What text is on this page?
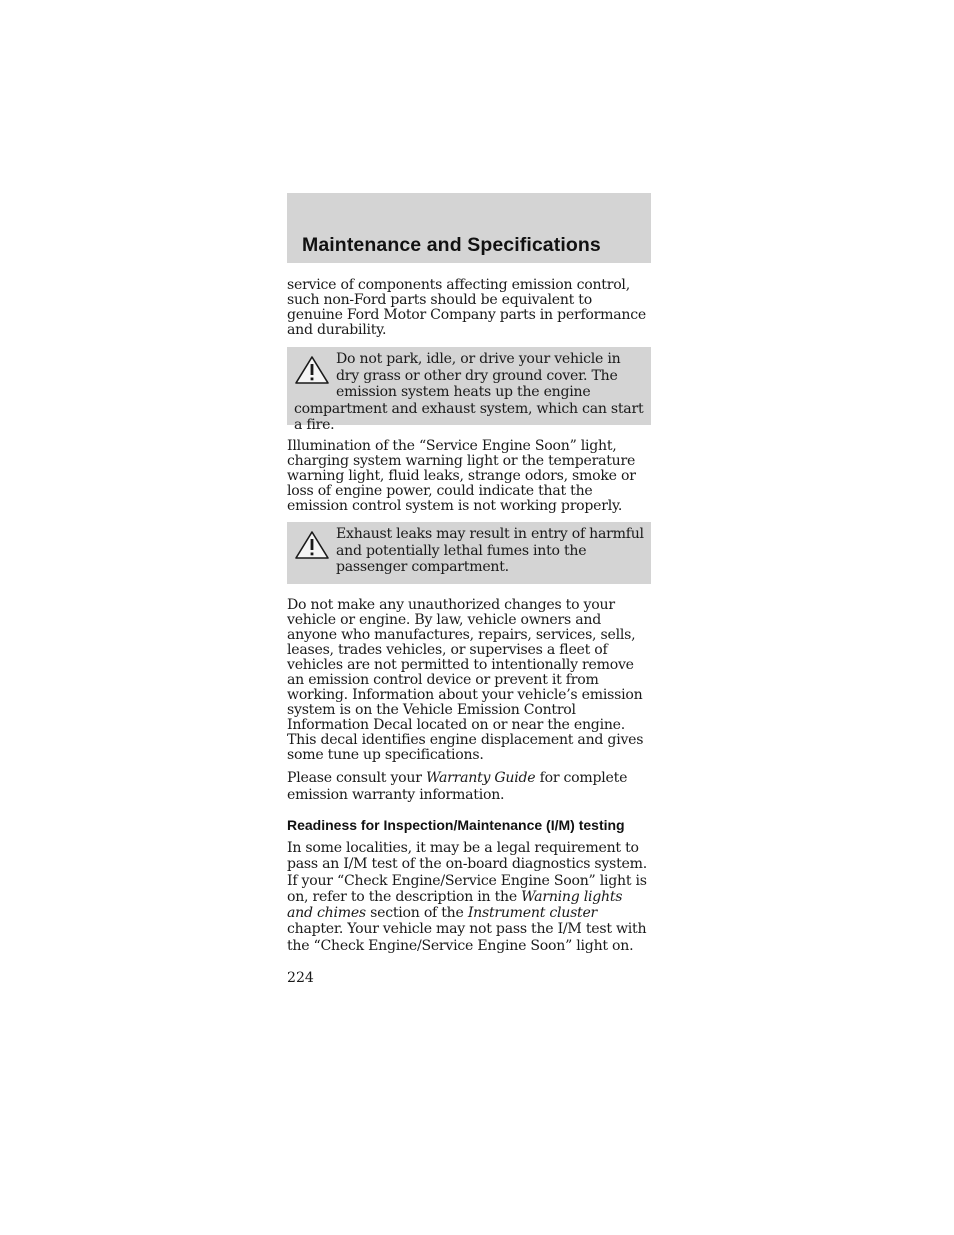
Maintenance and Specifications

service of components affecting emission control, such non-Ford parts should be equivalent to genuine Ford Motor Company parts in performance and durability.

Do not park, idle, or drive your vehicle in dry grass or other dry ground cover. The emission system heats up the engine compartment and exhaust system, which can start a fire.

Illumination of the “Service Engine Soon” light, charging system warning light or the temperature warning light, fluid leaks, strange odors, smoke or loss of engine power, could indicate that the emission control system is not working properly.

Exhaust leaks may result in entry of harmful and potentially lethal fumes into the passenger compartment.

Do not make any unauthorized changes to your vehicle or engine. By law, vehicle owners and anyone who manufactures, repairs, services, sells, leases, trades vehicles, or supervises a fleet of vehicles are not permitted to intentionally remove an emission control device or prevent it from working. Information about your vehicle’s emission system is on the Vehicle Emission Control Information Decal located on or near the engine. This decal identifies engine displacement and gives some tune up specifications.

Please consult your Warranty Guide for complete emission warranty information.

Readiness for Inspection/Maintenance (I/M) testing

In some localities, it may be a legal requirement to pass an I/M test of the on-board diagnostics system. If your “Check Engine/Service Engine Soon” light is on, refer to the description in the Warning lights and chimes section of the Instrument cluster chapter. Your vehicle may not pass the I/M test with the “Check Engine/Service Engine Soon” light on.

224
